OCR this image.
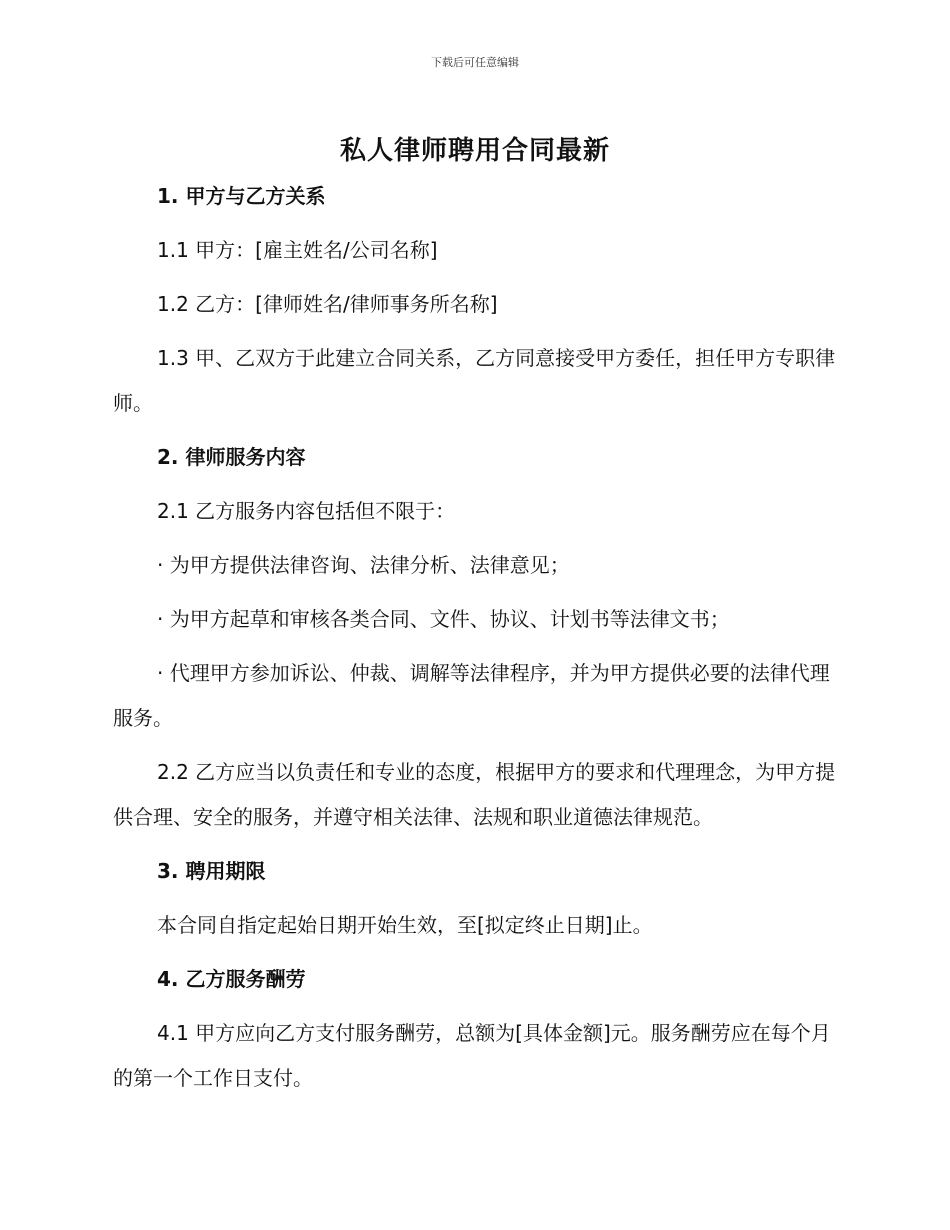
下载后可任意编辑
私人律师聘用合同最新

1. 甲方与乙方关系

1.1 甲方：[雇主姓名/公司名称]

1.2 乙方：[律师姓名/律师事务所名称]

1.3 甲、乙双方于此建立合同关系，乙方同意接受甲方委任，担任甲方专职律师。

2. 律师服务内容

2.1 乙方服务内容包括但不限于：

· 为甲方提供法律咨询、法律分析、法律意见；

· 为甲方起草和审核各类合同、文件、协议、计划书等法律文书；

· 代理甲方参加诉讼、仲裁、调解等法律程序，并为甲方提供必要的法律代理服务。

2.2 乙方应当以负责任和专业的态度，根据甲方的要求和代理理念，为甲方提供合理、安全的服务，并遵守相关法律、法规和职业道德法律规范。

3. 聘用期限

本合同自指定起始日期开始生效，至[拟定终止日期]止。

4. 乙方服务酬劳

4.1 甲方应向乙方支付服务酬劳，总额为[具体金额]元。服务酬劳应在每个月的第一个工作日支付。
